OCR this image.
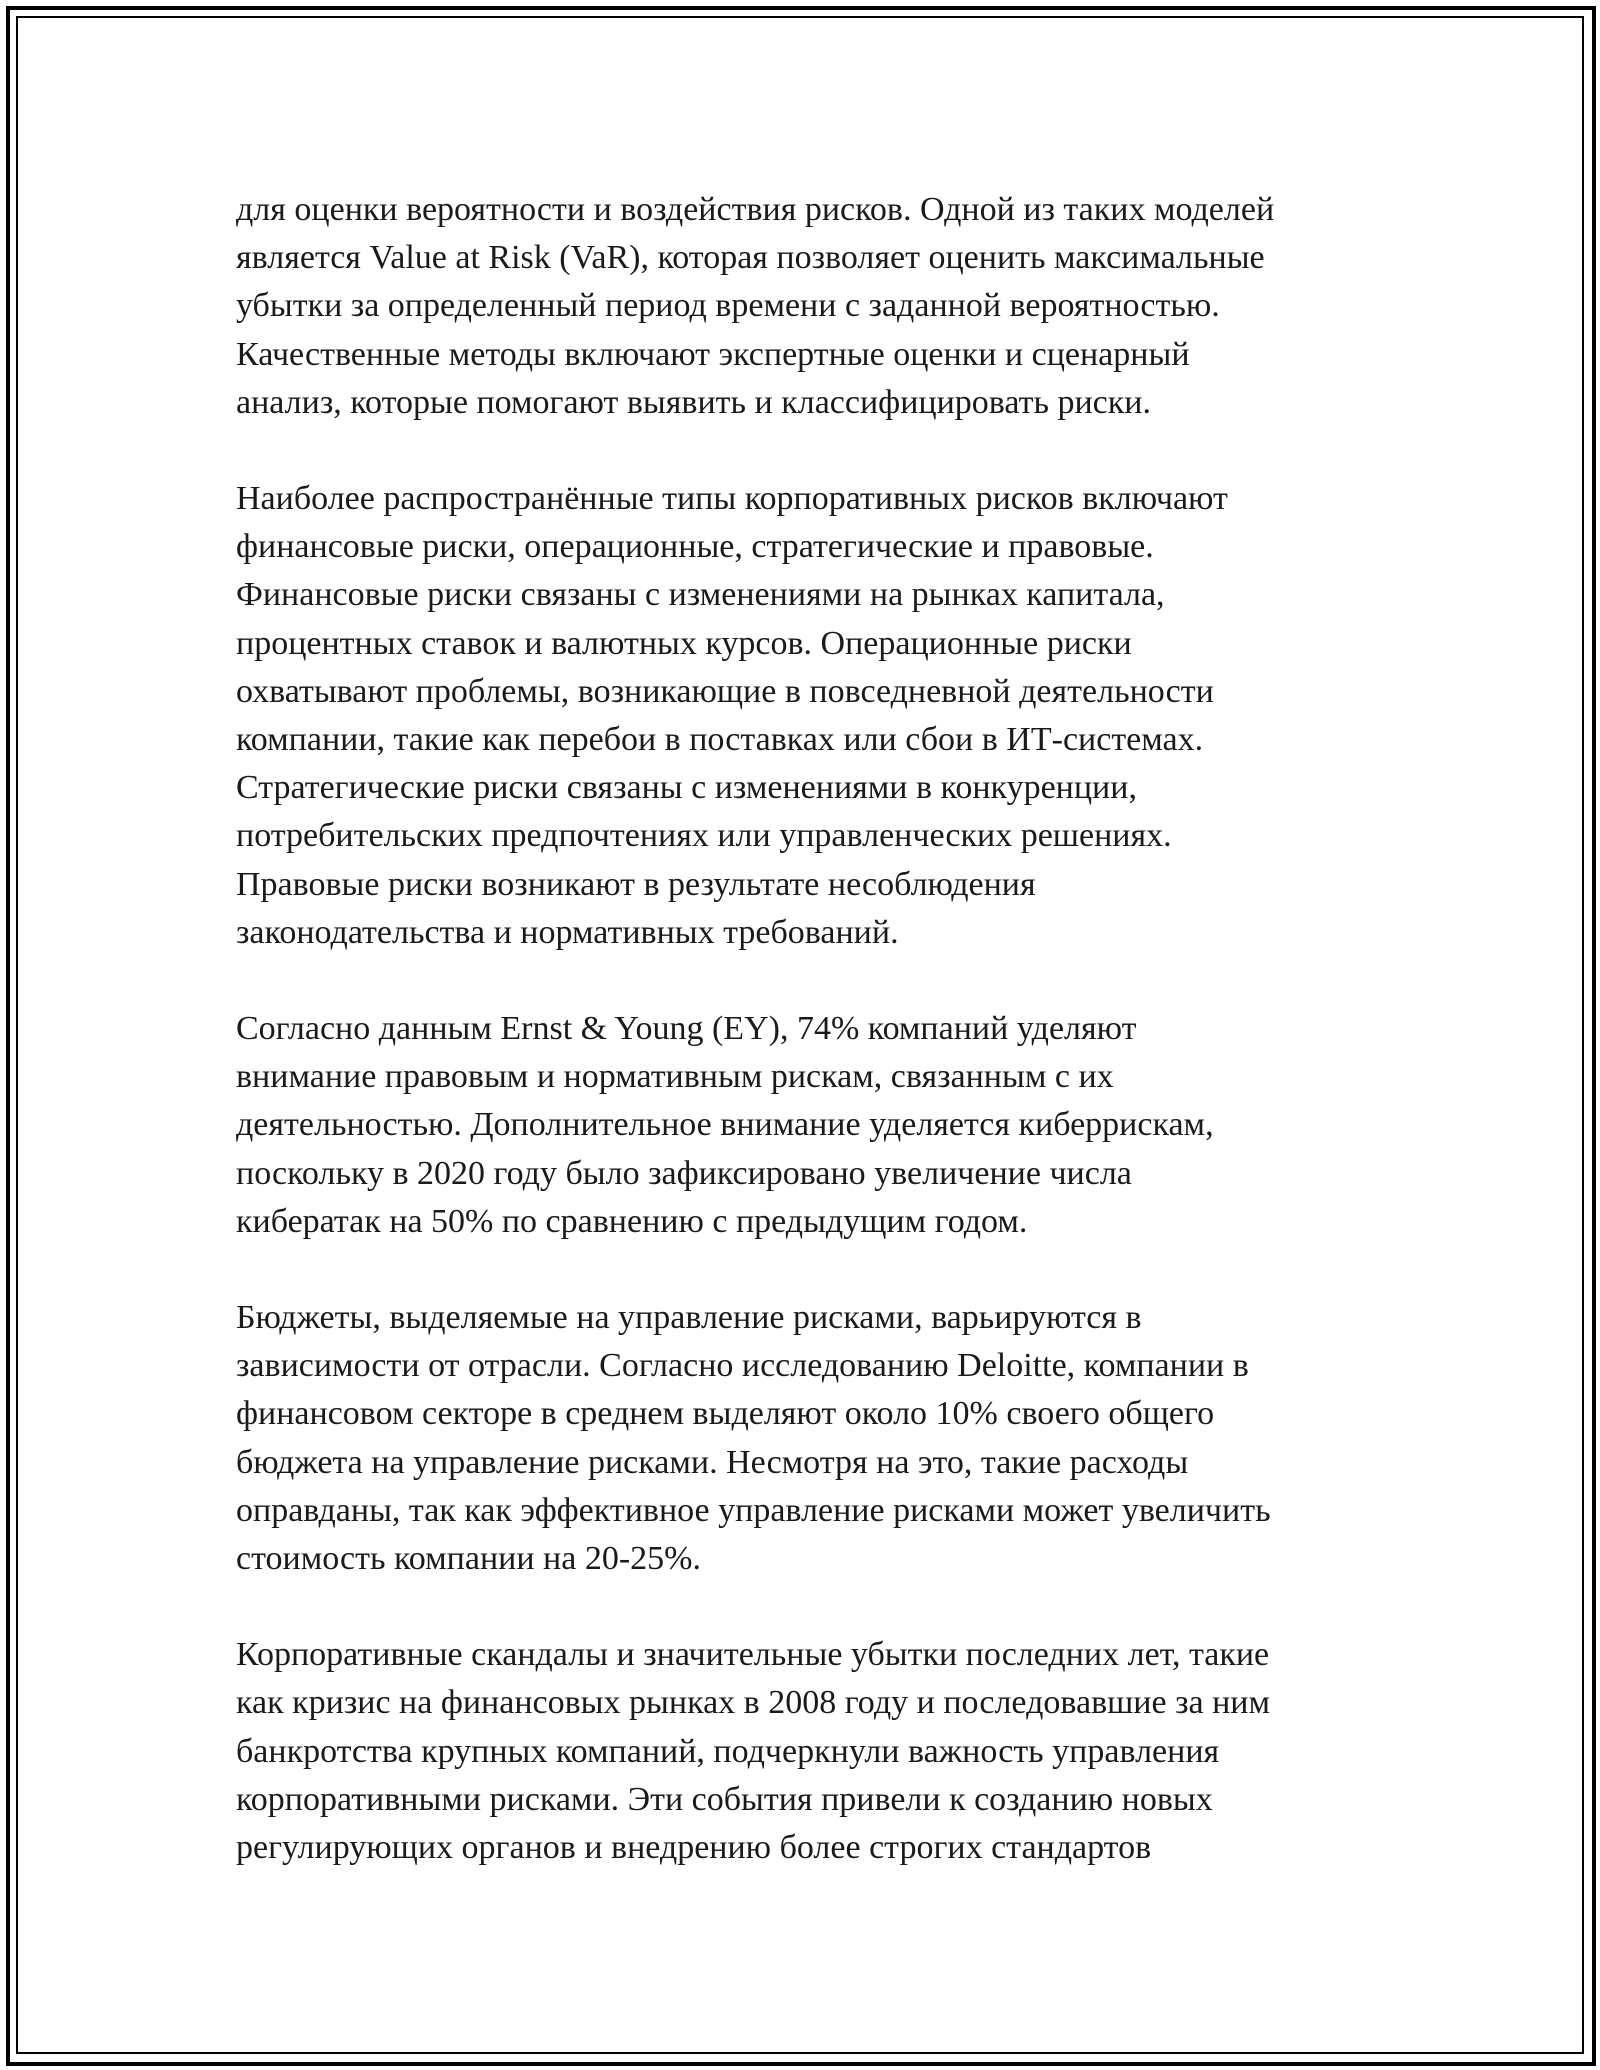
для оценки вероятности и воздействия рисков. Одной из таких моделей
является Value at Risk (VaR), которая позволяет оценить максимальные
убытки за определенный период времени с заданной вероятностью.
Качественные методы включают экспертные оценки и сценарный
анализ, которые помогают выявить и классифицировать риски.

Наиболее распространённые типы корпоративных рисков включают
финансовые риски, операционные, стратегические и правовые.
Финансовые риски связаны с изменениями на рынках капитала,
процентных ставок и валютных курсов. Операционные риски
охватывают проблемы, возникающие в повседневной деятельности
компании, такие как перебои в поставках или сбои в ИТ-системах.
Стратегические риски связаны с изменениями в конкуренции,
потребительских предпочтениях или управленческих решениях.
Правовые риски возникают в результате несоблюдения
законодательства и нормативных требований.

Согласно данным Ernst & Young (EY), 74% компаний уделяют
внимание правовым и нормативным рискам, связанным с их
деятельностью. Дополнительное внимание уделяется киберрискам,
поскольку в 2020 году было зафиксировано увеличение числа
кибератак на 50% по сравнению с предыдущим годом.

Бюджеты, выделяемые на управление рисками, варьируются в
зависимости от отрасли. Согласно исследованию Deloitte, компании в
финансовом секторе в среднем выделяют около 10% своего общего
бюджета на управление рисками. Несмотря на это, такие расходы
оправданы, так как эффективное управление рисками может увеличить
стоимость компании на 20-25%.

Корпоративные скандалы и значительные убытки последних лет, такие
как кризис на финансовых рынках в 2008 году и последовавшие за ним
банкротства крупных компаний, подчеркнули важность управления
корпоративными рисками. Эти события привели к созданию новых
регулирующих органов и внедрению более строгих стандартов
